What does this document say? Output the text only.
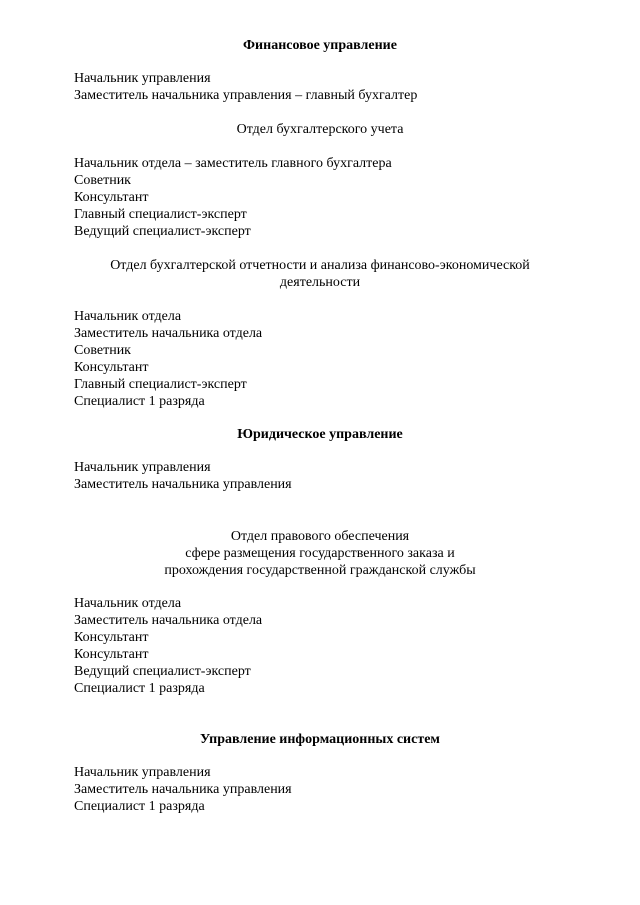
Финансовое управление
Начальник управления
Заместитель начальника управления – главный бухгалтер
Отдел бухгалтерского учета
Начальник отдела – заместитель главного бухгалтера
Советник
Консультант
Главный специалист-эксперт
Ведущий специалист-эксперт
Отдел бухгалтерской отчетности и анализа финансово-экономической
деятельности
Начальник отдела
Заместитель начальника отдела
Советник
Консультант
Главный специалист-эксперт
Специалист 1 разряда
Юридическое управление
Начальник управления
Заместитель начальника управления
Отдел правового обеспечения
сфере размещения государственного заказа и
прохождения государственной гражданской службы
Начальник отдела
Заместитель начальника отдела
Консультант
Консультант
Ведущий специалист-эксперт
Специалист 1 разряда
Управление информационных систем
Начальник управления
Заместитель начальника управления
Специалист 1 разряда
